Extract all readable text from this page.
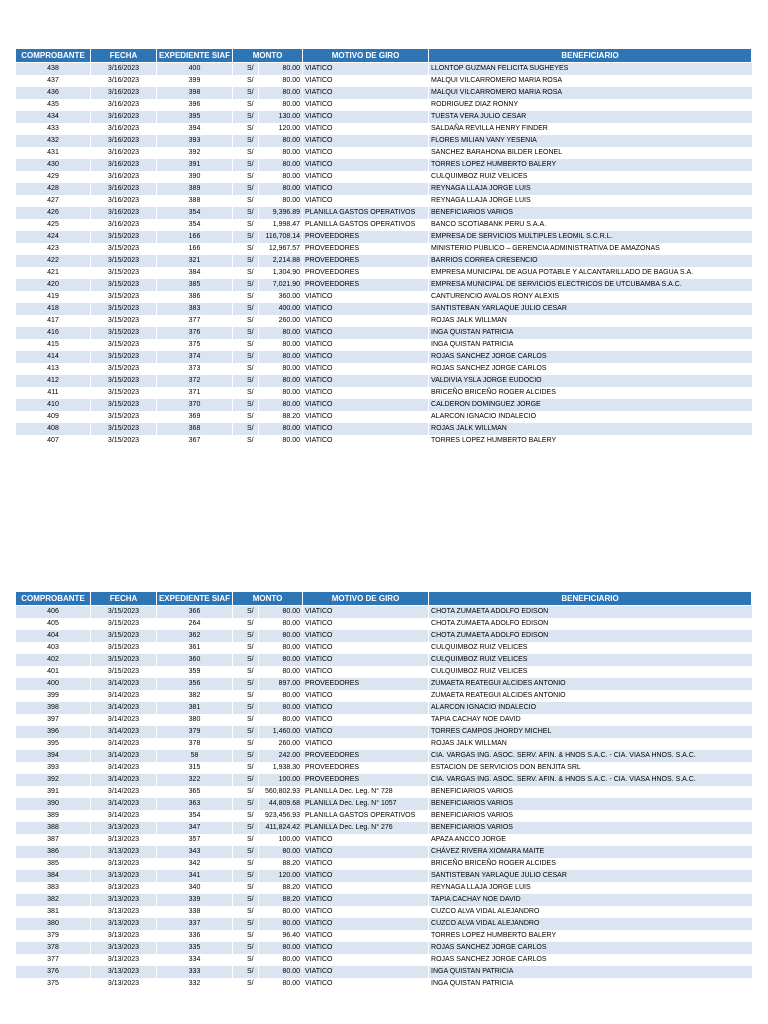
COMPROBANTE	FECHA	EXPEDIENTE SIAF	MONTO		MOTIVO DE GIRO	BENEFICIARIO
438	3/16/2023	400	S/	80.00	VIATICO	LLONTOP GUZMAN FELICITA SUGHEYES
437	3/16/2023	399	S/	80.00	VIATICO	MALQUI VILCARROMERO MARIA ROSA
436	3/16/2023	398	S/	80.00	VIATICO	MALQUI VILCARROMERO MARIA ROSA
435	3/16/2023	396	S/	80.00	VIATICO	RODRIGUEZ DIAZ RONNY
434	3/16/2023	395	S/	130.00	VIATICO	TUESTA VERA JULIO CESAR
433	3/16/2023	394	S/	120.00	VIATICO	SALDAÑA REVILLA HENRY FINDER
432	3/16/2023	393	S/	80.00	VIATICO	FLORES MILIAN VANY YESENIA
431	3/16/2023	392	S/	80.00	VIATICO	SANCHEZ BARAHONA BILDER LEONEL
430	3/16/2023	391	S/	80.00	VIATICO	TORRES LOPEZ HUMBERTO BALERY
429	3/16/2023	390	S/	80.00	VIATICO	CULQUIMBOZ RUIZ VELICES
428	3/16/2023	389	S/	80.00	VIATICO	REYNAGA LLAJA JORGE LUIS
427	3/16/2023	388	S/	80.00	VIATICO	REYNAGA LLAJA JORGE LUIS
426	3/16/2023	354	S/	9,396.89	PLANILLA GASTOS OPERATIVOS	BENEFICIARIOS VARIOS
425	3/16/2023	354	S/	1,998.47	PLANILLA GASTOS OPERATIVOS	BANCO SCOTIABANK PERU S.A.A.
424	3/15/2023	166	S/	116,708.14	PROVEEDORES	EMPRESA DE SERVICIOS MULTIPLES LEOMIL S.C.R.L.
423	3/15/2023	166	S/	12,967.57	PROVEEDORES	MINISTERIO PUBLICO – GERENCIA ADMINISTRATIVA DE AMAZONAS
422	3/15/2023	321	S/	2,214.88	PROVEEDORES	BARRIOS CORREA CRESENCIO
421	3/15/2023	384	S/	1,304.90	PROVEEDORES	EMPRESA MUNICIPAL DE AGUA POTABLE Y ALCANTARILLADO DE BAGUA S.A.
420	3/15/2023	385	S/	7,021.90	PROVEEDORES	EMPRESA MUNICIPAL DE SERVICIOS ELECTRICOS DE UTCUBAMBA S.A.C.
419	3/15/2023	386	S/	360.00	VIATICO	CANTURENCIO AVALOS RONY ALEXIS
418	3/15/2023	383	S/	400.00	VIATICO	SANTISTEBAN YARLAQUE JULIO CESAR
417	3/15/2023	377	S/	260.00	VIATICO	ROJAS JALK WILLMAN
416	3/15/2023	376	S/	80.00	VIATICO	INGA QUISTAN PATRICIA
415	3/15/2023	375	S/	80.00	VIATICO	INGA QUISTAN PATRICIA
414	3/15/2023	374	S/	80.00	VIATICO	ROJAS SANCHEZ JORGE CARLOS
413	3/15/2023	373	S/	80.00	VIATICO	ROJAS SANCHEZ JORGE CARLOS
412	3/15/2023	372	S/	80.00	VIATICO	VALDIVIA YSLA JORGE EUDOCIO
411	3/15/2023	371	S/	80.00	VIATICO	BRICEÑO BRICEÑO ROGER ALCIDES
410	3/15/2023	370	S/	80.00	VIATICO	CALDERON DOMINGUEZ JORGE
409	3/15/2023	369	S/	88.20	VIATICO	ALARCON IGNACIO INDALECIO
408	3/15/2023	368	S/	80.00	VIATICO	ROJAS JALK WILLMAN
407	3/15/2023	367	S/	80.00	VIATICO	TORRES LOPEZ HUMBERTO BALERY
COMPROBANTE	FECHA	EXPEDIENTE SIAF	MONTO		MOTIVO DE GIRO	BENEFICIARIO
406	3/15/2023	366	S/	80.00	VIATICO	CHOTA ZUMAETA ADOLFO EDISON
405	3/15/2023	264	S/	80.00	VIATICO	CHOTA ZUMAETA ADOLFO EDISON
404	3/15/2023	362	S/	80.00	VIATICO	CHOTA ZUMAETA ADOLFO EDISON
403	3/15/2023	361	S/	80.00	VIATICO	CULQUIMBOZ RUIZ VELICES
402	3/15/2023	360	S/	80.00	VIATICO	CULQUIMBOZ RUIZ VELICES
401	3/15/2023	359	S/	80.00	VIATICO	CULQUIMBOZ RUIZ VELICES
400	3/14/2023	356	S/	897.00	PROVEEDORES	ZUMAETA REATEGUI ALCIDES ANTONIO
399	3/14/2023	382	S/	80.00	VIATICO	ZUMAETA REATEGUI ALCIDES ANTONIO
398	3/14/2023	381	S/	80.00	VIATICO	ALARCON IGNACIO INDALECIO
397	3/14/2023	380	S/	80.00	VIATICO	TAPIA CACHAY NOE DAVID
396	3/14/2023	379	S/	1,460.00	VIATICO	TORRES CAMPOS JHORDY MICHEL
395	3/14/2023	378	S/	260.00	VIATICO	ROJAS JALK WILLMAN
394	3/14/2023	58	S/	242.00	PROVEEDORES	CIA. VARGAS ING. ASOC. SERV. AFIN. & HNOS S.A.C. - CIA. VIASA HNOS. S.A.C.
393	3/14/2023	315	S/	1,938.30	PROVEEDORES	ESTACION DE SERVICIOS DON BENJITA SRL
392	3/14/2023	322	S/	100.00	PROVEEDORES	CIA. VARGAS ING. ASOC. SERV. AFIN. & HNOS S.A.C. - CIA. VIASA HNOS. S.A.C.
391	3/14/2023	365	S/	560,802.93	PLANILLA Dec. Leg. N° 728	BENEFICIARIOS VARIOS
390	3/14/2023	363	S/	44,809.68	PLANILLA Dec. Leg. N° 1057	BENEFICIARIOS VARIOS
389	3/14/2023	354	S/	923,456.93	PLANILLA GASTOS OPERATIVOS	BENEFICIARIOS VARIOS
388	3/13/2023	347	S/	411,824.42	PLANILLA Dec. Leg. N° 276	BENEFICIARIOS VARIOS
387	3/13/2023	357	S/	100.00	VIATICO	APAZA ANCCO JORGE
386	3/13/2023	343	S/	80.00	VIATICO	CHÁVEZ RIVERA XIOMARA MAITE
385	3/13/2023	342	S/	88.20	VIATICO	BRICEÑO BRICEÑO ROGER ALCIDES
384	3/13/2023	341	S/	120.00	VIATICO	SANTISTEBAN YARLAQUE JULIO CESAR
383	3/13/2023	340	S/	88.20	VIATICO	REYNAGA LLAJA JORGE LUIS
382	3/13/2023	339	S/	88.20	VIATICO	TAPIA CACHAY NOE DAVID
381	3/13/2023	338	S/	80.00	VIATICO	CUZCO ALVA VIDAL ALEJANDRO
380	3/13/2023	337	S/	80.00	VIATICO	CUZCO ALVA VIDAL ALEJANDRO
379	3/13/2023	336	S/	96.40	VIATICO	TORRES LOPEZ HUMBERTO BALERY
378	3/13/2023	335	S/	80.00	VIATICO	ROJAS SANCHEZ JORGE CARLOS
377	3/13/2023	334	S/	80.00	VIATICO	ROJAS SANCHEZ JORGE CARLOS
376	3/13/2023	333	S/	80.00	VIATICO	INGA QUISTAN PATRICIA
375	3/13/2023	332	S/	80.00	VIATICO	INGA QUISTAN PATRICIA
